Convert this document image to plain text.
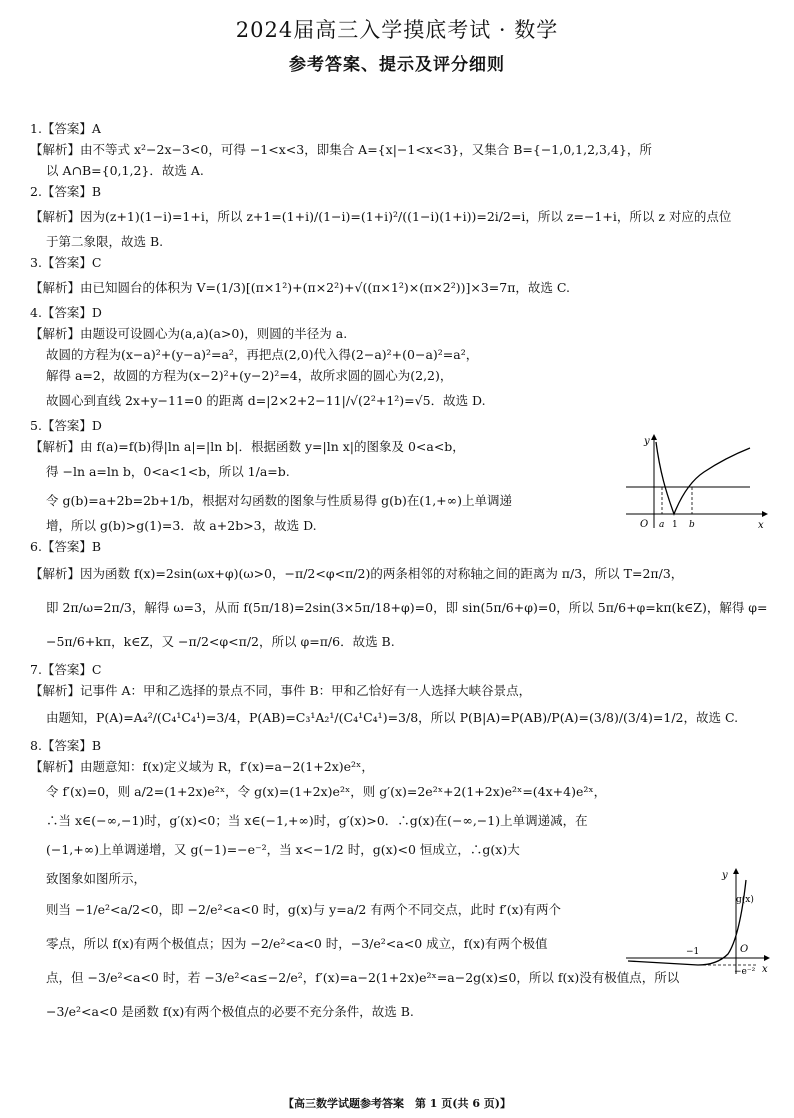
2024届高三入学摸底考试 · 数学
参考答案、提示及评分细则
1.【答案】A
【解析】由不等式 x²−2x−3<0，可得 −1<x<3，即集合 A={x|−1<x<3}，又集合 B={−1,0,1,2,3,4}，所
以 A∩B={0,1,2}．故选 A.
2.【答案】B
【解析】因为(z+1)(1−i)=1+i，所以 z+1=(1+i)/(1−i)=(1+i)²/((1−i)(1+i))=2i/2=i，所以 z=−1+i，所以 z 对应的点位
于第二象限，故选 B.
3.【答案】C
【解析】由已知圆台的体积为 V=(1/3)[(π×1²)+(π×2²)+√((π×1²)×(π×2²))]×3=7π，故选 C.
4.【答案】D
【解析】由题设可设圆心为(a,a)(a>0)，则圆的半径为 a.
故圆的方程为(x−a)²+(y−a)²=a²，再把点(2,0)代入得(2−a)²+(0−a)²=a²，
解得 a=2，故圆的方程为(x−2)²+(y−2)²=4，故所求圆的圆心为(2,2)，
故圆心到直线 2x+y−11=0 的距离 d=|2×2+2−11|/√(2²+1²)=√5．故选 D.
5.【答案】D
【解析】由 f(a)=f(b)得|ln a|=|ln b|．根据函数 y=|ln x|的图象及 0<a<b，
得 −ln a=ln b，0<a<1<b，所以 1/a=b.
令 g(b)=a+2b=2b+1/b，根据对勾函数的图象与性质易得 g(b)在(1,+∞)上单调递
增，所以 g(b)>g(1)=3．故 a+2b>3，故选 D.
6.【答案】B
【解析】因为函数 f(x)=2sin(ωx+φ)(ω>0，−π/2<φ<π/2)的两条相邻的对称轴之间的距离为 π/3，所以 T=2π/3，
即 2π/ω=2π/3，解得 ω=3，从而 f(5π/18)=2sin(3×5π/18+φ)=0，即 sin(5π/6+φ)=0，所以 5π/6+φ=kπ(k∈Z)，解得 φ=
−5π/6+kπ，k∈Z，又 −π/2<φ<π/2，所以 φ=π/6．故选 B.
7.【答案】C
【解析】记事件 A：甲和乙选择的景点不同，事件 B：甲和乙恰好有一人选择大峡谷景点，
由题知，P(A)=A₄²/(C₄¹C₄¹)=3/4，P(AB)=C₃¹A₂¹/(C₄¹C₄¹)=3/8，所以 P(B|A)=P(AB)/P(A)=(3/8)/(3/4)=1/2，故选 C.
8.【答案】B
【解析】由题意知：f(x)定义域为 R，f′(x)=a−2(1+2x)e²ˣ，
令 f′(x)=0，则 a/2=(1+2x)e²ˣ，令 g(x)=(1+2x)e²ˣ，则 g′(x)=2e²ˣ+2(1+2x)e²ˣ=(4x+4)e²ˣ，
∴当 x∈(−∞,−1)时，g′(x)<0；当 x∈(−1,+∞)时，g′(x)>0．∴g(x)在(−∞,−1)上单调递减，在
(−1,+∞)上单调递增，又 g(−1)=−e⁻²，当 x<−1/2 时，g(x)<0 恒成立，∴g(x)大
致图象如图所示，
则当 −1/e²<a/2<0，即 −2/e²<a<0 时，g(x)与 y=a/2 有两个不同交点，此时 f′(x)有两个
零点，所以 f(x)有两个极值点；因为 −2/e²<a<0 时，−3/e²<a<0 成立，f(x)有两个极值
点，但 −3/e²<a<0 时，若 −3/e²<a≤−2/e²，f′(x)=a−2(1+2x)e²ˣ=a−2g(x)≤0，所以 f(x)没有极值点，所以
−3/e²<a<0 是函数 f(x)有两个极值点的必要不充分条件，故选 B.
y
x
O a 1 b
y
g(x)
x
O
−1
−e⁻²
【高三数学试题参考答案　第 1 页(共 6 页)】
